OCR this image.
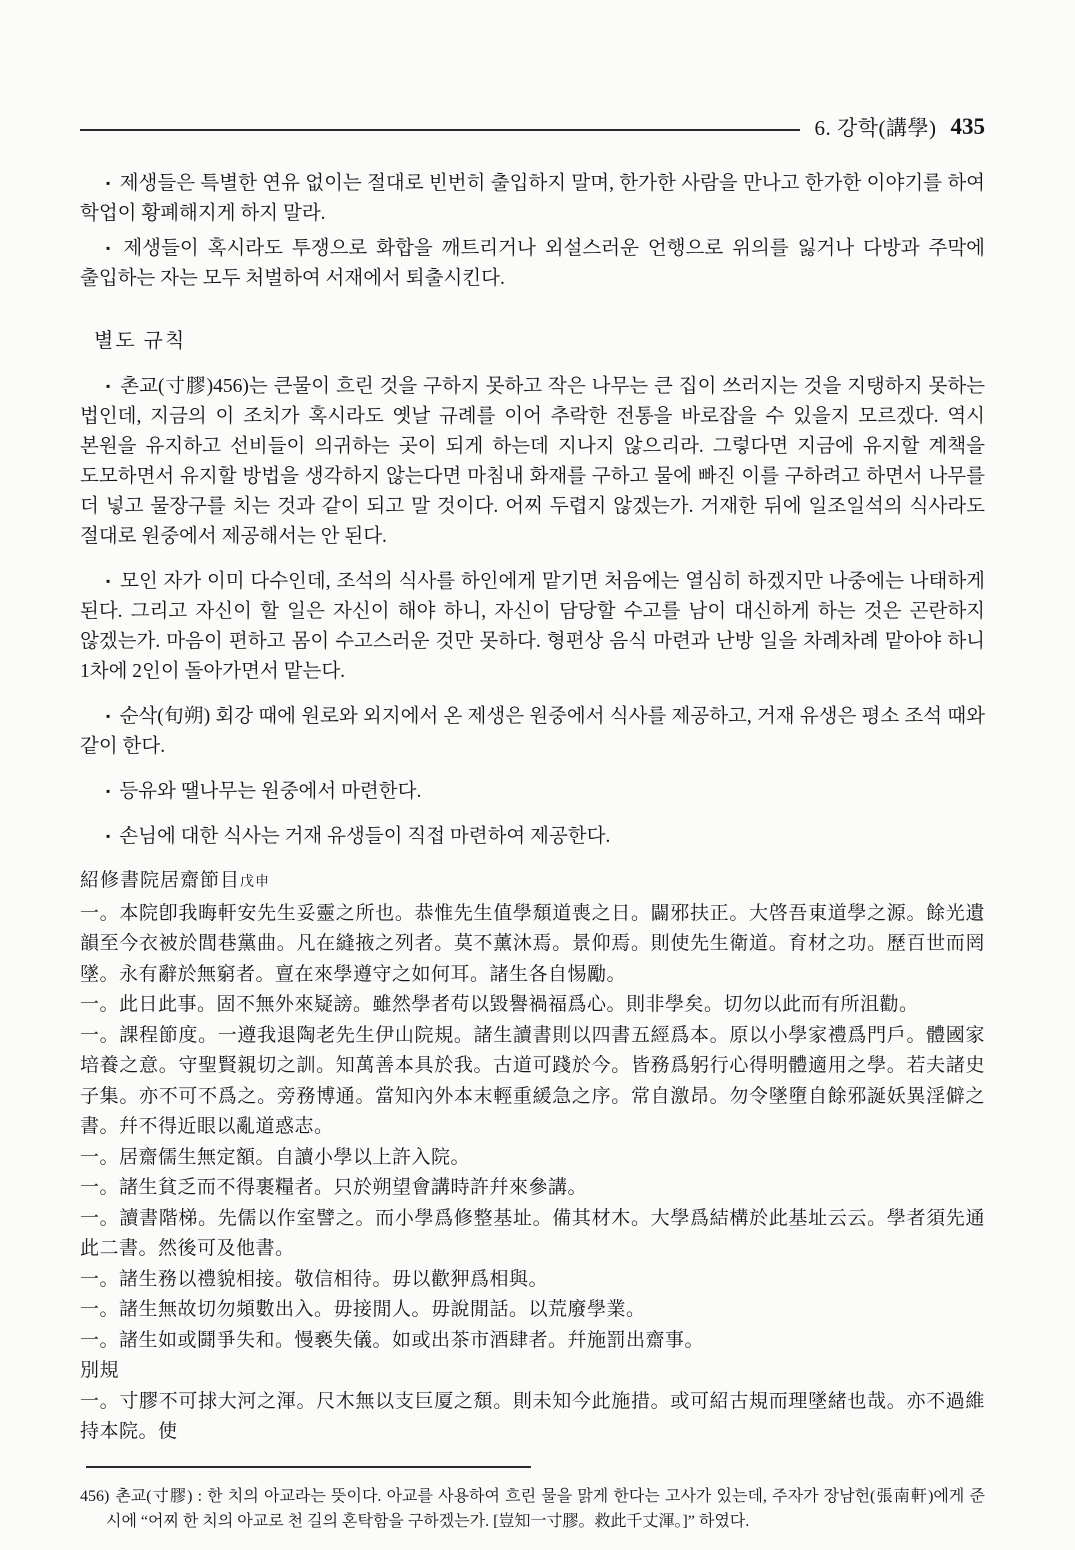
6. 강학(講學) 435

▪ 제생들은 특별한 연유 없이는 절대로 빈번히 출입하지 말며, 한가한 사람을 만나고 한가한 이야기를 하여 학업이 황폐해지게 하지 말라.

▪ 제생들이 혹시라도 투쟁으로 화합을 깨트리거나 외설스러운 언행으로 위의를 잃거나 다방과 주막에 출입하는 자는 모두 처벌하여 서재에서 퇴출시킨다.

별도 규칙

▪ 촌교(寸膠)456)는 큰물이 흐린 것을 구하지 못하고 작은 나무는 큰 집이 쓰러지는 것을 지탱하지 못하는 법인데, 지금의 이 조치가 혹시라도 옛날 규례를 이어 추락한 전통을 바로잡을 수 있을지 모르겠다. 역시 본원을 유지하고 선비들이 의귀하는 곳이 되게 하는데 지나지 않으리라. 그렇다면 지금에 유지할 계책을 도모하면서 유지할 방법을 생각하지 않는다면 마침내 화재를 구하고 물에 빠진 이를 구하려고 하면서 나무를 더 넣고 물장구를 치는 것과 같이 되고 말 것이다. 어찌 두렵지 않겠는가. 거재한 뒤에 일조일석의 식사라도 절대로 원중에서 제공해서는 안 된다.

▪ 모인 자가 이미 다수인데, 조석의 식사를 하인에게 맡기면 처음에는 열심히 하겠지만 나중에는 나태하게 된다. 그리고 자신이 할 일은 자신이 해야 하니, 자신이 담당할 수고를 남이 대신하게 하는 것은 곤란하지 않겠는가. 마음이 편하고 몸이 수고스러운 것만 못하다. 형편상 음식 마련과 난방 일을 차례차례 맡아야 하니 1차에 2인이 돌아가면서 맡는다.

▪ 순삭(旬朔) 회강 때에 원로와 외지에서 온 제생은 원중에서 식사를 제공하고, 거재 유생은 평소 조석 때와 같이 한다.

▪ 등유와 땔나무는 원중에서 마련한다.

▪ 손님에 대한 식사는 거재 유생들이 직접 마련하여 제공한다.

紹修書院居齋節目戊申

一。本院卽我晦軒安先生妥靈之所也。恭惟先生值學頹道喪之日。闢邪扶正。大啓吾東道學之源。餘光遺韻至今衣被於閭巷黨曲。凡在縫掖之列者。莫不薰沐焉。景仰焉。則使先生衛道。育材之功。歷百世而罔墜。永有辭於無窮者。亶在來學遵守之如何耳。諸生各自惕勵。

一。此日此事。固不無外來疑謗。雖然學者苟以毀譽禍福爲心。則非學矣。切勿以此而有所沮勸。

一。課程節度。一遵我退陶老先生伊山院規。諸生讀書則以四書五經爲本。原以小學家禮爲門戶。體國家培養之意。守聖賢親切之訓。知萬善本具於我。古道可踐於今。皆務爲躬行心得明體適用之學。若夫諸史子集。亦不可不爲之。旁務博通。當知內外本末輕重緩急之序。常自激昂。勿令墜墮自餘邪誕妖異淫僻之書。幷不得近眼以亂道惑志。

一。居齋儒生無定額。自讀小學以上許入院。

一。諸生貧乏而不得裹糧者。只於朔望會講時許幷來參講。

一。讀書階梯。先儒以作室譬之。而小學爲修整基址。備其材木。大學爲結構於此基址云云。學者須先通此二書。然後可及他書。

一。諸生務以禮貌相接。敬信相待。毋以歡狎爲相與。

一。諸生無故切勿頻數出入。毋接閒人。毋說閒話。以荒廢學業。

一。諸生如或鬪爭失和。慢褻失儀。如或出茶市酒肆者。幷施罰出齋事。

別規

一。寸膠不可捄大河之渾。尺木無以支巨厦之頹。則未知今此施措。或可紹古規而理墜緒也哉。亦不過維持本院。使

456) 촌교(寸膠) : 한 치의 아교라는 뜻이다. 아교를 사용하여 흐린 물을 맑게 한다는 고사가 있는데, 주자가 장남헌(張南軒)에게 준 시에 “어찌 한 치의 아교로 천 길의 혼탁함을 구하겠는가. [豈知一寸膠。救此千丈渾。]” 하였다.
